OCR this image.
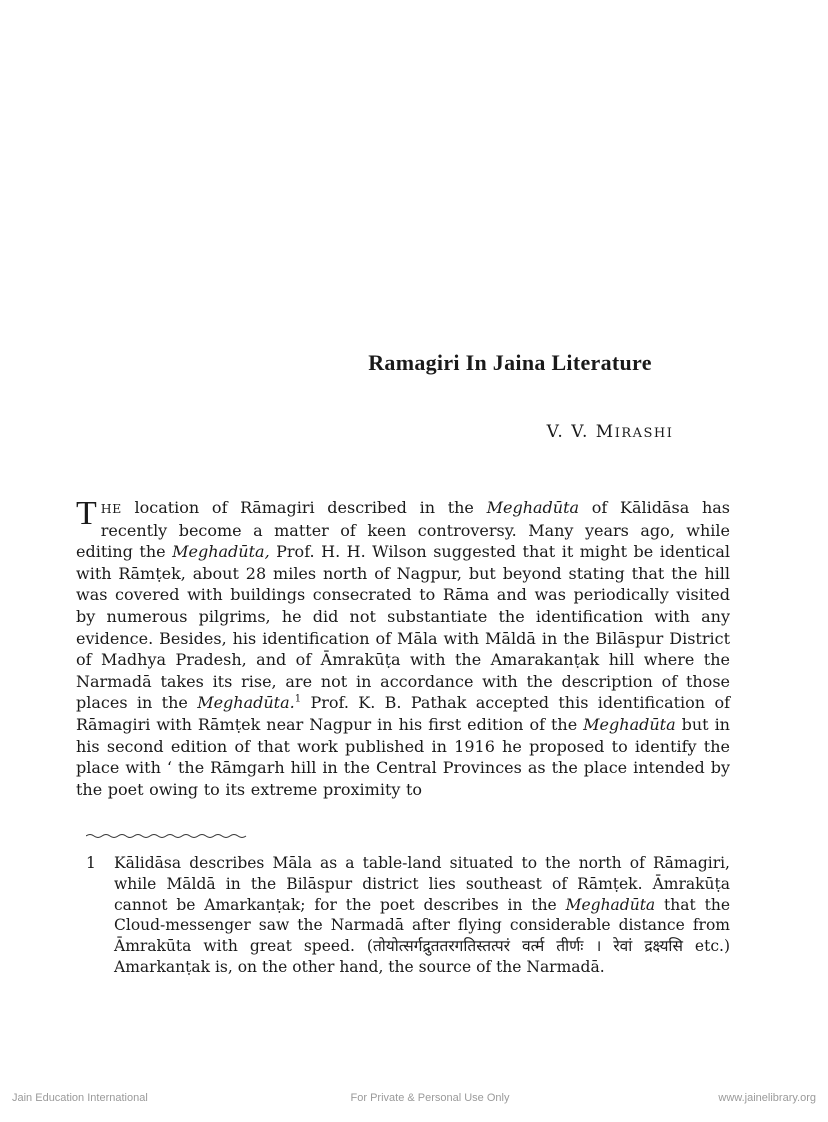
Ramagiri In Jaina Literature
V. V. MIRASHI
THE location of Rāmagiri described in the Meghadūta of Kālidāsa has recently become a matter of keen controversy. Many years ago, while editing the Meghadūta, Prof. H. H. Wilson suggested that it might be identical with Rāmṭek, about 28 miles north of Nagpur, but beyond stating that the hill was covered with buildings consecrated to Rāma and was periodically visited by numerous pilgrims, he did not substantiate the identification with any evidence. Besides, his identification of Māla with Māldā in the Bilāspur District of Madhya Pradesh, and of Āmrakūṭa with the Amarakanṭak hill where the Narmadā takes its rise, are not in accordance with the description of those places in the Meghadūta.$^1$ Prof. K. B. Pathak accepted this identification of Rāmagiri with Rāmṭek near Nagpur in his first edition of the Meghadūta but in his second edition of that work published in 1916 he proposed to identify the place with ‘ the Rāmgarh hill in the Central Provinces as the place intended by the poet owing to its extreme proximity to
1 Kālidāsa describes Māla as a table-land situated to the north of Rāmagiri, while Māldā in the Bilāspur district lies southeast of Rāmṭek. Āmrakūṭa cannot be Amarkanṭak; for the poet describes in the Meghadūta that the Cloud-messenger saw the Narmadā after flying considerable distance from Āmrakūta with great speed. (तोयोत्सर्गद्रुततरगतिस्तत्परं वर्त्म तीर्णः । रेवां द्रक्ष्यसि etc.) Amarkanṭak is, on the other hand, the source of the Narmadā.
Jain Education International	For Private & Personal Use Only	www.jainelibrary.org
